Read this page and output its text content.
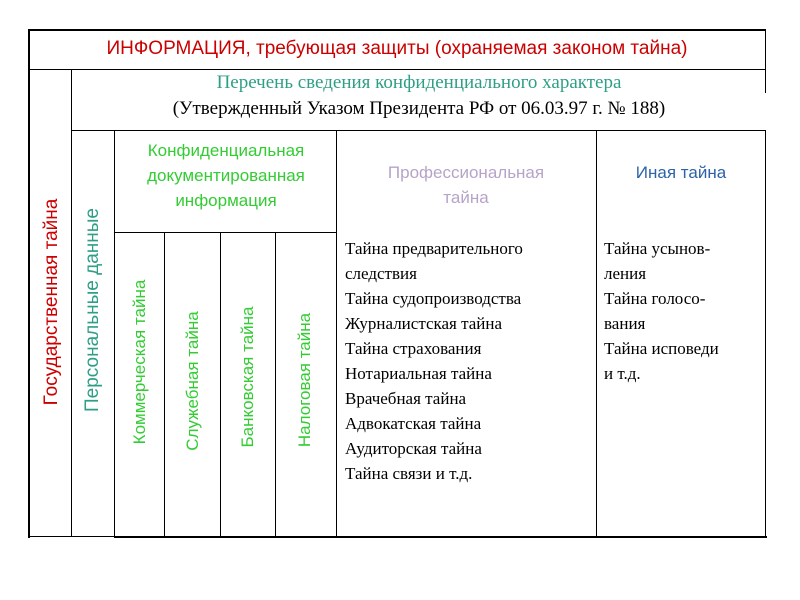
ИНФОРМАЦИЯ, требующая защиты (охраняемая законом тайна)
Государственная тайна
Перечень сведения конфиденциального характера
(Утвержденный Указом Президента РФ от 06.03.97 г. № 188)
Персональные данные
Конфиденциальная
документированная
информация
Коммерческая тайна Служебная тайна Банковская тайна Налоговая тайна
Профессиональная
тайна
Иная тайна
Тайна предварительного
следствия
Тайна судопроизводства
Журналистская тайна
Тайна страхования
Нотариальная тайна
Врачебная тайна
Адвокатская тайна
Аудиторская тайна
Тайна связи и т.д.
Тайна усынов-
ления
Тайна голосо-
вания
Тайна исповеди
и т.д.
